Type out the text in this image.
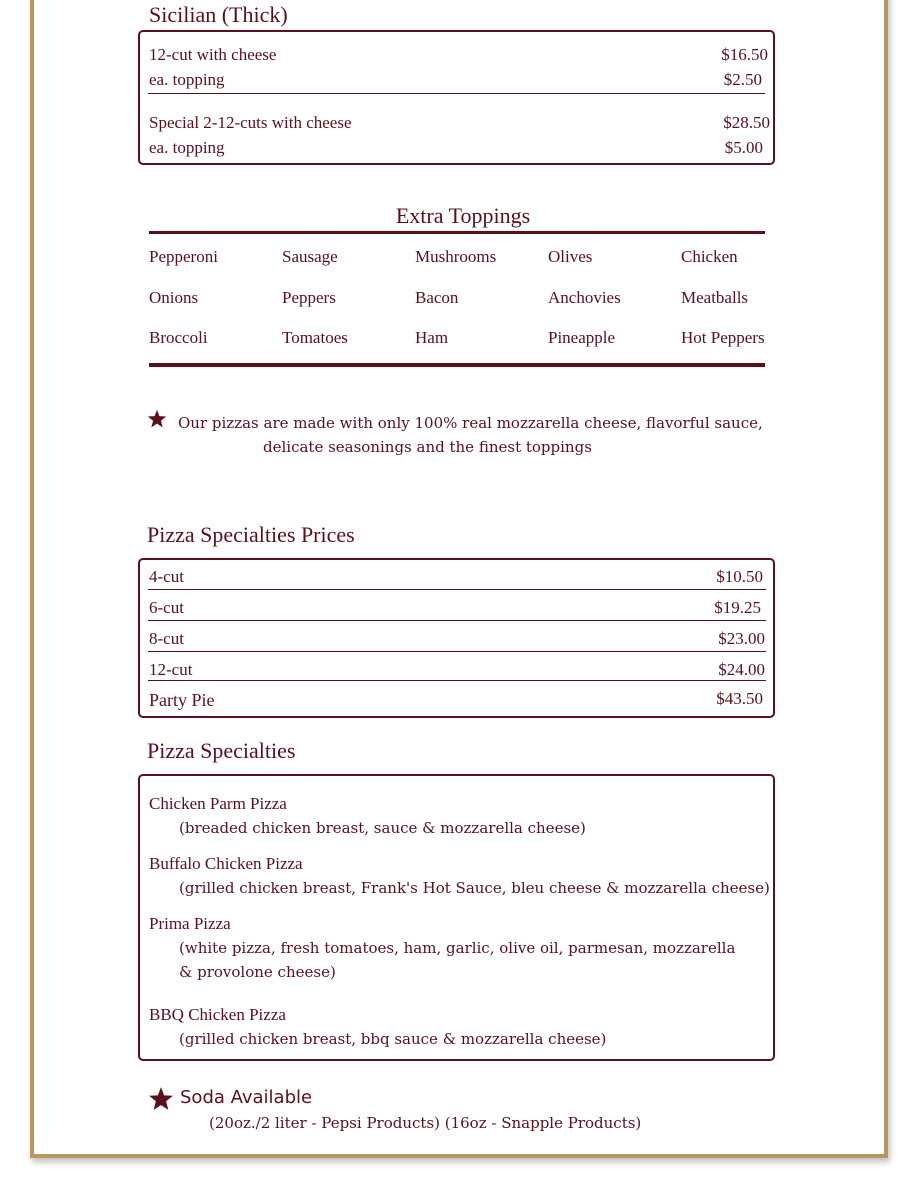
Sicilian (Thick)
12-cut with cheese	$16.50
ea. topping	$2.50
Special 2-12-cuts with cheese	$28.50
ea. topping	$5.00
Extra Toppings
Pepperoni	Sausage	Mushrooms	Olives	Chicken
Onions	Peppers	Bacon	Anchovies	Meatballs
Broccoli	Tomatoes	Ham	Pineapple	Hot Peppers
Our pizzas are made with only 100% real mozzarella cheese, flavorful sauce,
delicate seasonings and the finest toppings
Pizza Specialties Prices
4-cut	$10.50
6-cut	$19.25
8-cut	$23.00
12-cut	$24.00
Party Pie	$43.50
Pizza Specialties
Chicken Parm Pizza
(breaded chicken breast, sauce & mozzarella cheese)
Buffalo Chicken Pizza
(grilled chicken breast, Frank's Hot Sauce, bleu cheese & mozzarella cheese)
Prima Pizza
(white pizza, fresh tomatoes, ham, garlic, olive oil, parmesan, mozzarella & provolone cheese)
BBQ Chicken Pizza
(grilled chicken breast, bbq sauce & mozzarella cheese)
Soda Available
(20oz./2 liter - Pepsi Products) (16oz - Snapple Products)
